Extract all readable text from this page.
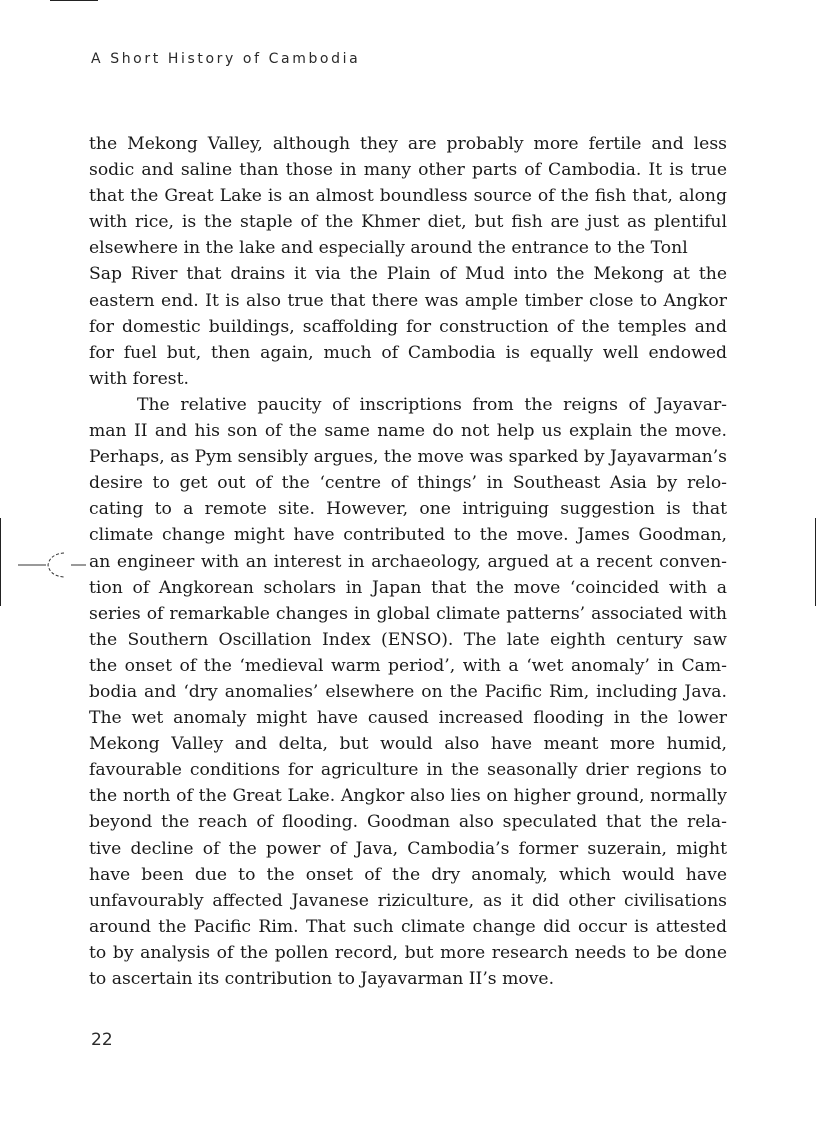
A Short History of Cambodia
the Mekong Valley, although they are probably more fertile and less
sodic and saline than those in many other parts of Cambodia. It is true
that the Great Lake is an almost boundless source of the fish that, along
with rice, is the staple of the Khmer diet, but fish are just as plentiful
elsewhere in the lake and especially around the entrance to the Tonl
Sap River that drains it via the Plain of Mud into the Mekong at the
eastern end. It is also true that there was ample timber close to Angkor
for domestic buildings, scaffolding for construction of the temples and
for fuel but, then again, much of Cambodia is equally well endowed
with forest.
The relative paucity of inscriptions from the reigns of Jayavar-
man II and his son of the same name do not help us explain the move.
Perhaps, as Pym sensibly argues, the move was sparked by Jayavarman’s
desire to get out of the ‘centre of things’ in Southeast Asia by relo-
cating to a remote site. However, one intriguing suggestion is that
climate change might have contributed to the move. James Goodman,
an engineer with an interest in archaeology, argued at a recent conven-
tion of Angkorean scholars in Japan that the move ‘coincided with a
series of remarkable changes in global climate patterns’ associated with
the Southern Oscillation Index (ENSO). The late eighth century saw
the onset of the ‘medieval warm period’, with a ‘wet anomaly’ in Cam-
bodia and ‘dry anomalies’ elsewhere on the Pacific Rim, including Java.
The wet anomaly might have caused increased flooding in the lower
Mekong Valley and delta, but would also have meant more humid,
favourable conditions for agriculture in the seasonally drier regions to
the north of the Great Lake. Angkor also lies on higher ground, normally
beyond the reach of flooding. Goodman also speculated that the rela-
tive decline of the power of Java, Cambodia’s former suzerain, might
have been due to the onset of the dry anomaly, which would have
unfavourably affected Javanese riziculture, as it did other civilisations
around the Pacific Rim. That such climate change did occur is attested
to by analysis of the pollen record, but more research needs to be done
to ascertain its contribution to Jayavarman II’s move.
22
